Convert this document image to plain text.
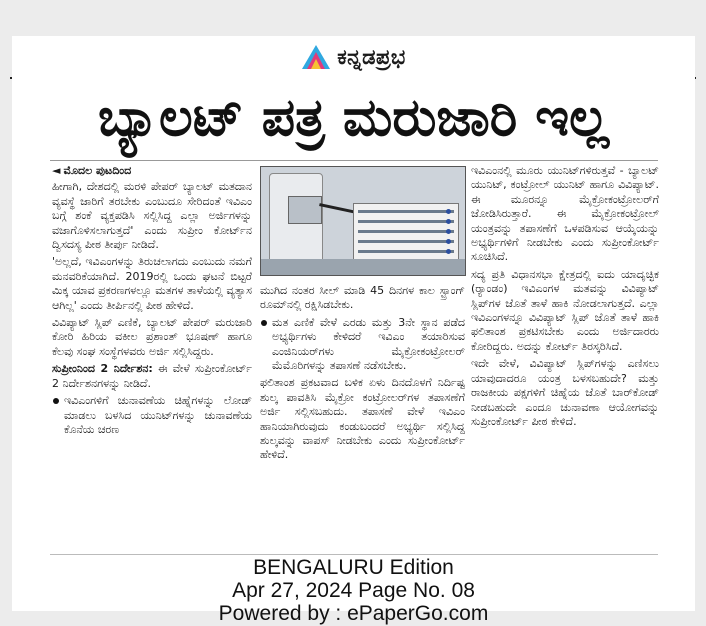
ಕನ್ನಡಪ್ರಭ
ಬ್ಯಾಲಟ್ ಪತ್ರ ಮರುಜಾರಿ ಇಲ್ಲ
◄ ಮೊದಲ ಪುಟದಿಂದ

ಹೀಗಾಗಿ, ದೇಶದಲ್ಲಿ ಮರಳಿ ಪೇಪರ್ ಬ್ಯಾಲಟ್ ಮತದಾನ ವ್ಯವಸ್ಥೆ ಜಾರಿಗೆ ತರಬೇಕು ಎಂಬುದೂ ಸೇರಿದಂತೆ ಇವಿಎಂ ಬಗ್ಗೆ ಶಂಕೆ ವ್ಯಕ್ತಪಡಿಸಿ ಸಲ್ಲಿಸಿದ್ದ ಎಲ್ಲಾ ಅರ್ಜಿಗಳನ್ನು ವಜಾಗೊಳಿಸಲಾಗುತ್ತದೆ' ಎಂದು ಸುಪ್ರೀಂ ಕೋರ್ಟ್‌ನ ದ್ವಿಸದಸ್ಯ ಪೀಠ ತೀರ್ಪು ನೀಡಿದೆ.

'ಅಲ್ಲದೆ, ಇವಿಎಂಗಳನ್ನು ತಿರುಚಲಾಗದು ಎಂಬುದು ನಮಗೆ ಮನವರಿಕೆಯಾಗಿದೆ. 2019ರಲ್ಲಿ ಒಂದು ಘಟನೆ ಬಿಟ್ಟರೆ ಮಿಕ್ಕ ಯಾವ ಪ್ರಕರಣಗಳಲ್ಲೂ ಮತಗಳ ತಾಳೆಯಲ್ಲಿ ವ್ಯತ್ಯಾಸ ಆಗಿಲ್ಲ' ಎಂದು ತೀರ್ಪಿನಲ್ಲಿ ಪೀಠ ಹೇಳಿದೆ.

ವಿವಿಪ್ಯಾಟ್ ಸ್ಲಿಪ್ ಎಣಿಕೆ, ಬ್ಯಾಲಟ್ ಪೇಪರ್ ಮರುಜಾರಿ ಕೋರಿ ಹಿರಿಯ ವಕೀಲ ಪ್ರಶಾಂತ್ ಭೂಷಣ್ ಹಾಗೂ ಕೆಲವು ಸಂಘ ಸಂಸ್ಥೆಗಳವರು ಅರ್ಜಿ ಸಲ್ಲಿಸಿದ್ದರು.

ಸುಪ್ರೀಂನಿಂದ 2 ನಿರ್ದೇಶನ: ಈ ವೇಳೆ ಸುಪ್ರೀಂಕೋರ್ಟ್ 2 ನಿರ್ದೇಶನಗಳನ್ನು ನೀಡಿದೆ.

ಇವಿಎಂಗಳಿಗೆ ಚುನಾವಣೆಯ ಚಿಹ್ನೆಗಳನ್ನು ಲೋಡ್ ಮಾಡಲು ಬಳಸಿದ ಯುನಿಟ್‌ಗಳನ್ನು ಚುನಾವಣೆಯ ಕೊನೆಯ ಚರಣ

ಮುಗಿದ ನಂತರ ಸೀಲ್ ಮಾಡಿ 45 ದಿನಗಳ ಕಾಲ ಸ್ಟ್ರಾಂಗ್ ರೂಮ್‌ನಲ್ಲಿ ರಕ್ಷಿಸಿಡಬೇಕು.

ಮತ ಎಣಿಕೆ ವೇಳೆ ಎರಡು ಮತ್ತು 3ನೇ ಸ್ಥಾನ ಪಡೆದ ಅಭ್ಯರ್ಥಿಗಳು ಕೇಳಿದರೆ ಇವಿಎಂ ತಯಾರಿಸುವ ಎಂಜಿನಿಯರ್‌ಗಳು ಮೈಕ್ರೋಕಂಟ್ರೋಲರ್ ಮೆಮೊರಿಗಳನ್ನು ತಪಾಸಣೆ ನಡೆಸಬೇಕು.

ಫಲಿತಾಂಶ ಪ್ರಕಟವಾದ ಬಳಿಕ ಏಳು ದಿನದೊಳಗೆ ನಿರ್ದಿಷ್ಟ ಶುಲ್ಕ ಪಾವತಿಸಿ ಮೈಕ್ರೋ ಕಂಟ್ರೋಲರ್‌ಗಳ ತಪಾಸಣೆಗೆ ಅರ್ಜಿ ಸಲ್ಲಿಸಬಹುದು. ತಪಾಸಣೆ ವೇಳೆ ಇವಿಎಂ ಹಾನಿಯಾಗಿರುವುದು ಕಂಡುಬಂದರೆ ಅಭ್ಯರ್ಥಿ ಸಲ್ಲಿಸಿದ್ದ ಶುಲ್ಕವನ್ನು ವಾಪಸ್ ನೀಡಬೇಕು ಎಂದು ಸುಪ್ರೀಂಕೋರ್ಟ್ ಹೇಳಿದೆ.

ಇವಿಎಂನಲ್ಲಿ ಮೂರು ಯುನಿಟ್‌ಗಳಿರುತ್ತವೆ - ಬ್ಯಾಲಟ್ ಯುನಿಟ್, ಕಂಟ್ರೋಲ್ ಯುನಿಟ್ ಹಾಗೂ ವಿವಿಪ್ಯಾಟ್. ಈ ಮೂರನ್ನೂ ಮೈಕ್ರೋಕಂಟ್ರೋಲರ್‌ಗೆ ಜೋಡಿಸಿರುತ್ತಾರೆ. ಈ ಮೈಕ್ರೋಕಂಟ್ರೋಲ್ ಯಂತ್ರವನ್ನು ತಪಾಸಣೆಗೆ ಒಳಪಡಿಸುವ ಆಯ್ಕೆಯನ್ನು ಅಭ್ಯರ್ಥಿಗಳಿಗೆ ನೀಡಬೇಕು ಎಂದು ಸುಪ್ರೀಂಕೋರ್ಟ್ ಸೂಚಿಸಿದೆ.

ಸದ್ಯ ಪ್ರತಿ ವಿಧಾನಸಭಾ ಕ್ಷೇತ್ರದಲ್ಲಿ ಐದು ಯಾದೃಚ್ಛಿಕ (ರ್‍ಯಾಂಡಂ) ಇವಿಎಂಗಳ ಮತವನ್ನು ವಿವಿಪ್ಯಾಟ್ ಸ್ಲಿಪ್‌ಗಳ ಜೊತೆ ತಾಳೆ ಹಾಕಿ ನೋಡಲಾಗುತ್ತದೆ. ಎಲ್ಲಾ ಇವಿಎಂಗಳನ್ನೂ ವಿವಿಪ್ಯಾಟ್ ಸ್ಲಿಪ್ ಜೊತೆ ತಾಳೆ ಹಾಕಿ ಫಲಿತಾಂಶ ಪ್ರಕಟಿಸಬೇಕು ಎಂದು ಅರ್ಜಿದಾರರು ಕೋರಿದ್ದರು. ಅದನ್ನು ಕೋರ್ಟ್ ತಿರಸ್ಕರಿಸಿದೆ.

ಇದೇ ವೇಳೆ, ವಿವಿಪ್ಯಾಟ್ ಸ್ಲಿಪ್‌ಗಳನ್ನು ಎಣಿಸಲು ಯಾವುದಾದರೂ ಯಂತ್ರ ಬಳಸಬಹುದೇ? ಮತ್ತು ರಾಜಕೀಯ ಪಕ್ಷಗಳಿಗೆ ಚಿಹ್ನೆಯ ಜೊತೆ ಬಾರ್‌ಕೋಡ್ ನೀಡಬಹುದೇ ಎಂದೂ ಚುನಾವಣಾ ಆಯೋಗವನ್ನು ಸುಪ್ರೀಂಕೋರ್ಟ್ ಪೀಠ ಕೇಳಿದೆ.

BENGALURU Edition
Apr 27, 2024 Page No. 08
Powered by : ePaperGo.com
